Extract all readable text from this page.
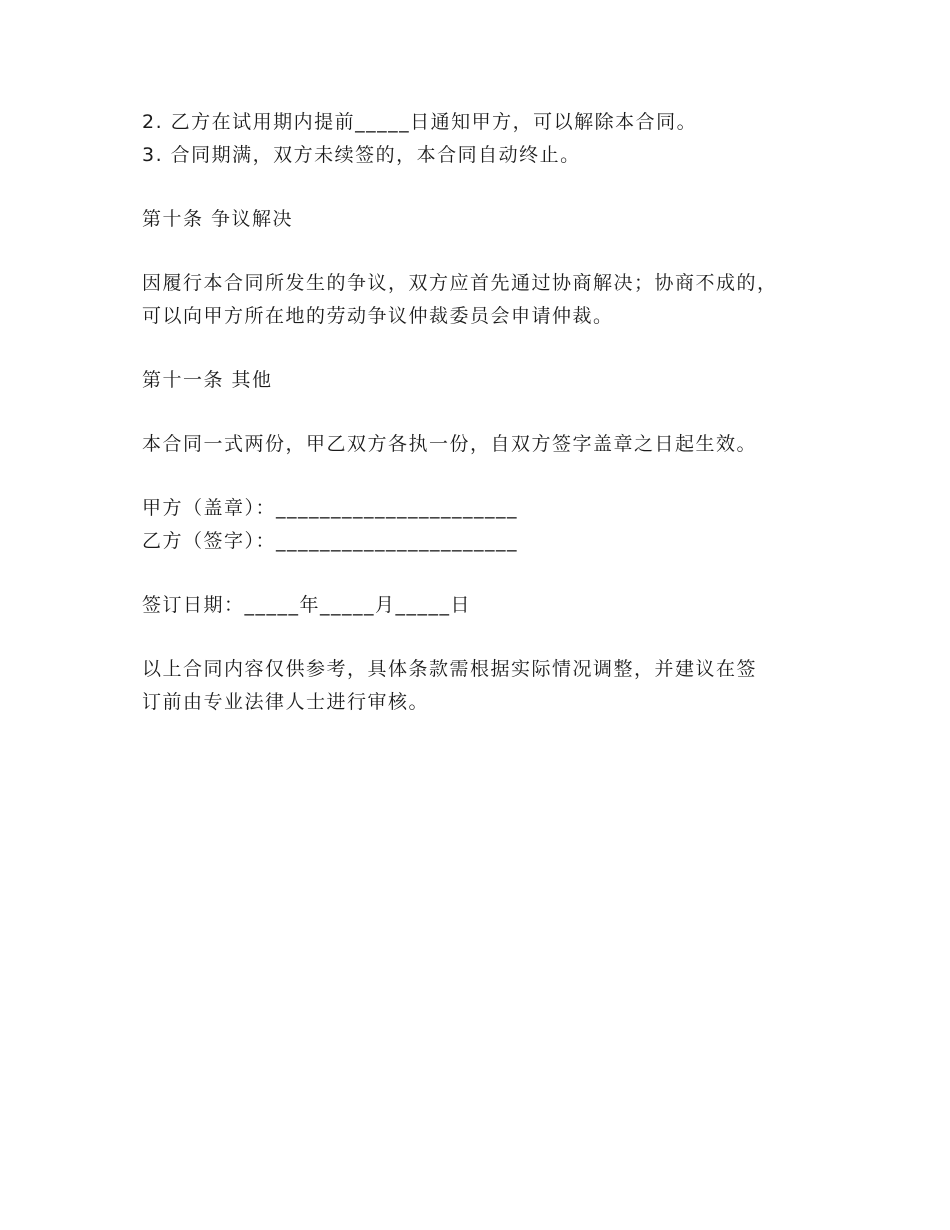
2. 乙方在试用期内提前_____日通知甲方，可以解除本合同。

3. 合同期满，双方未续签的，本合同自动终止。

第十条 争议解决

因履行本合同所发生的争议，双方应首先通过协商解决；协商不成的，

可以向甲方所在地的劳动争议仲裁委员会申请仲裁。

第十一条 其他

本合同一式两份，甲乙双方各执一份，自双方签字盖章之日起生效。

甲方（盖章）：______________________

乙方（签字）：______________________

签订日期：_____年_____月_____日

以上合同内容仅供参考，具体条款需根据实际情况调整，并建议在签

订前由专业法律人士进行审核。
